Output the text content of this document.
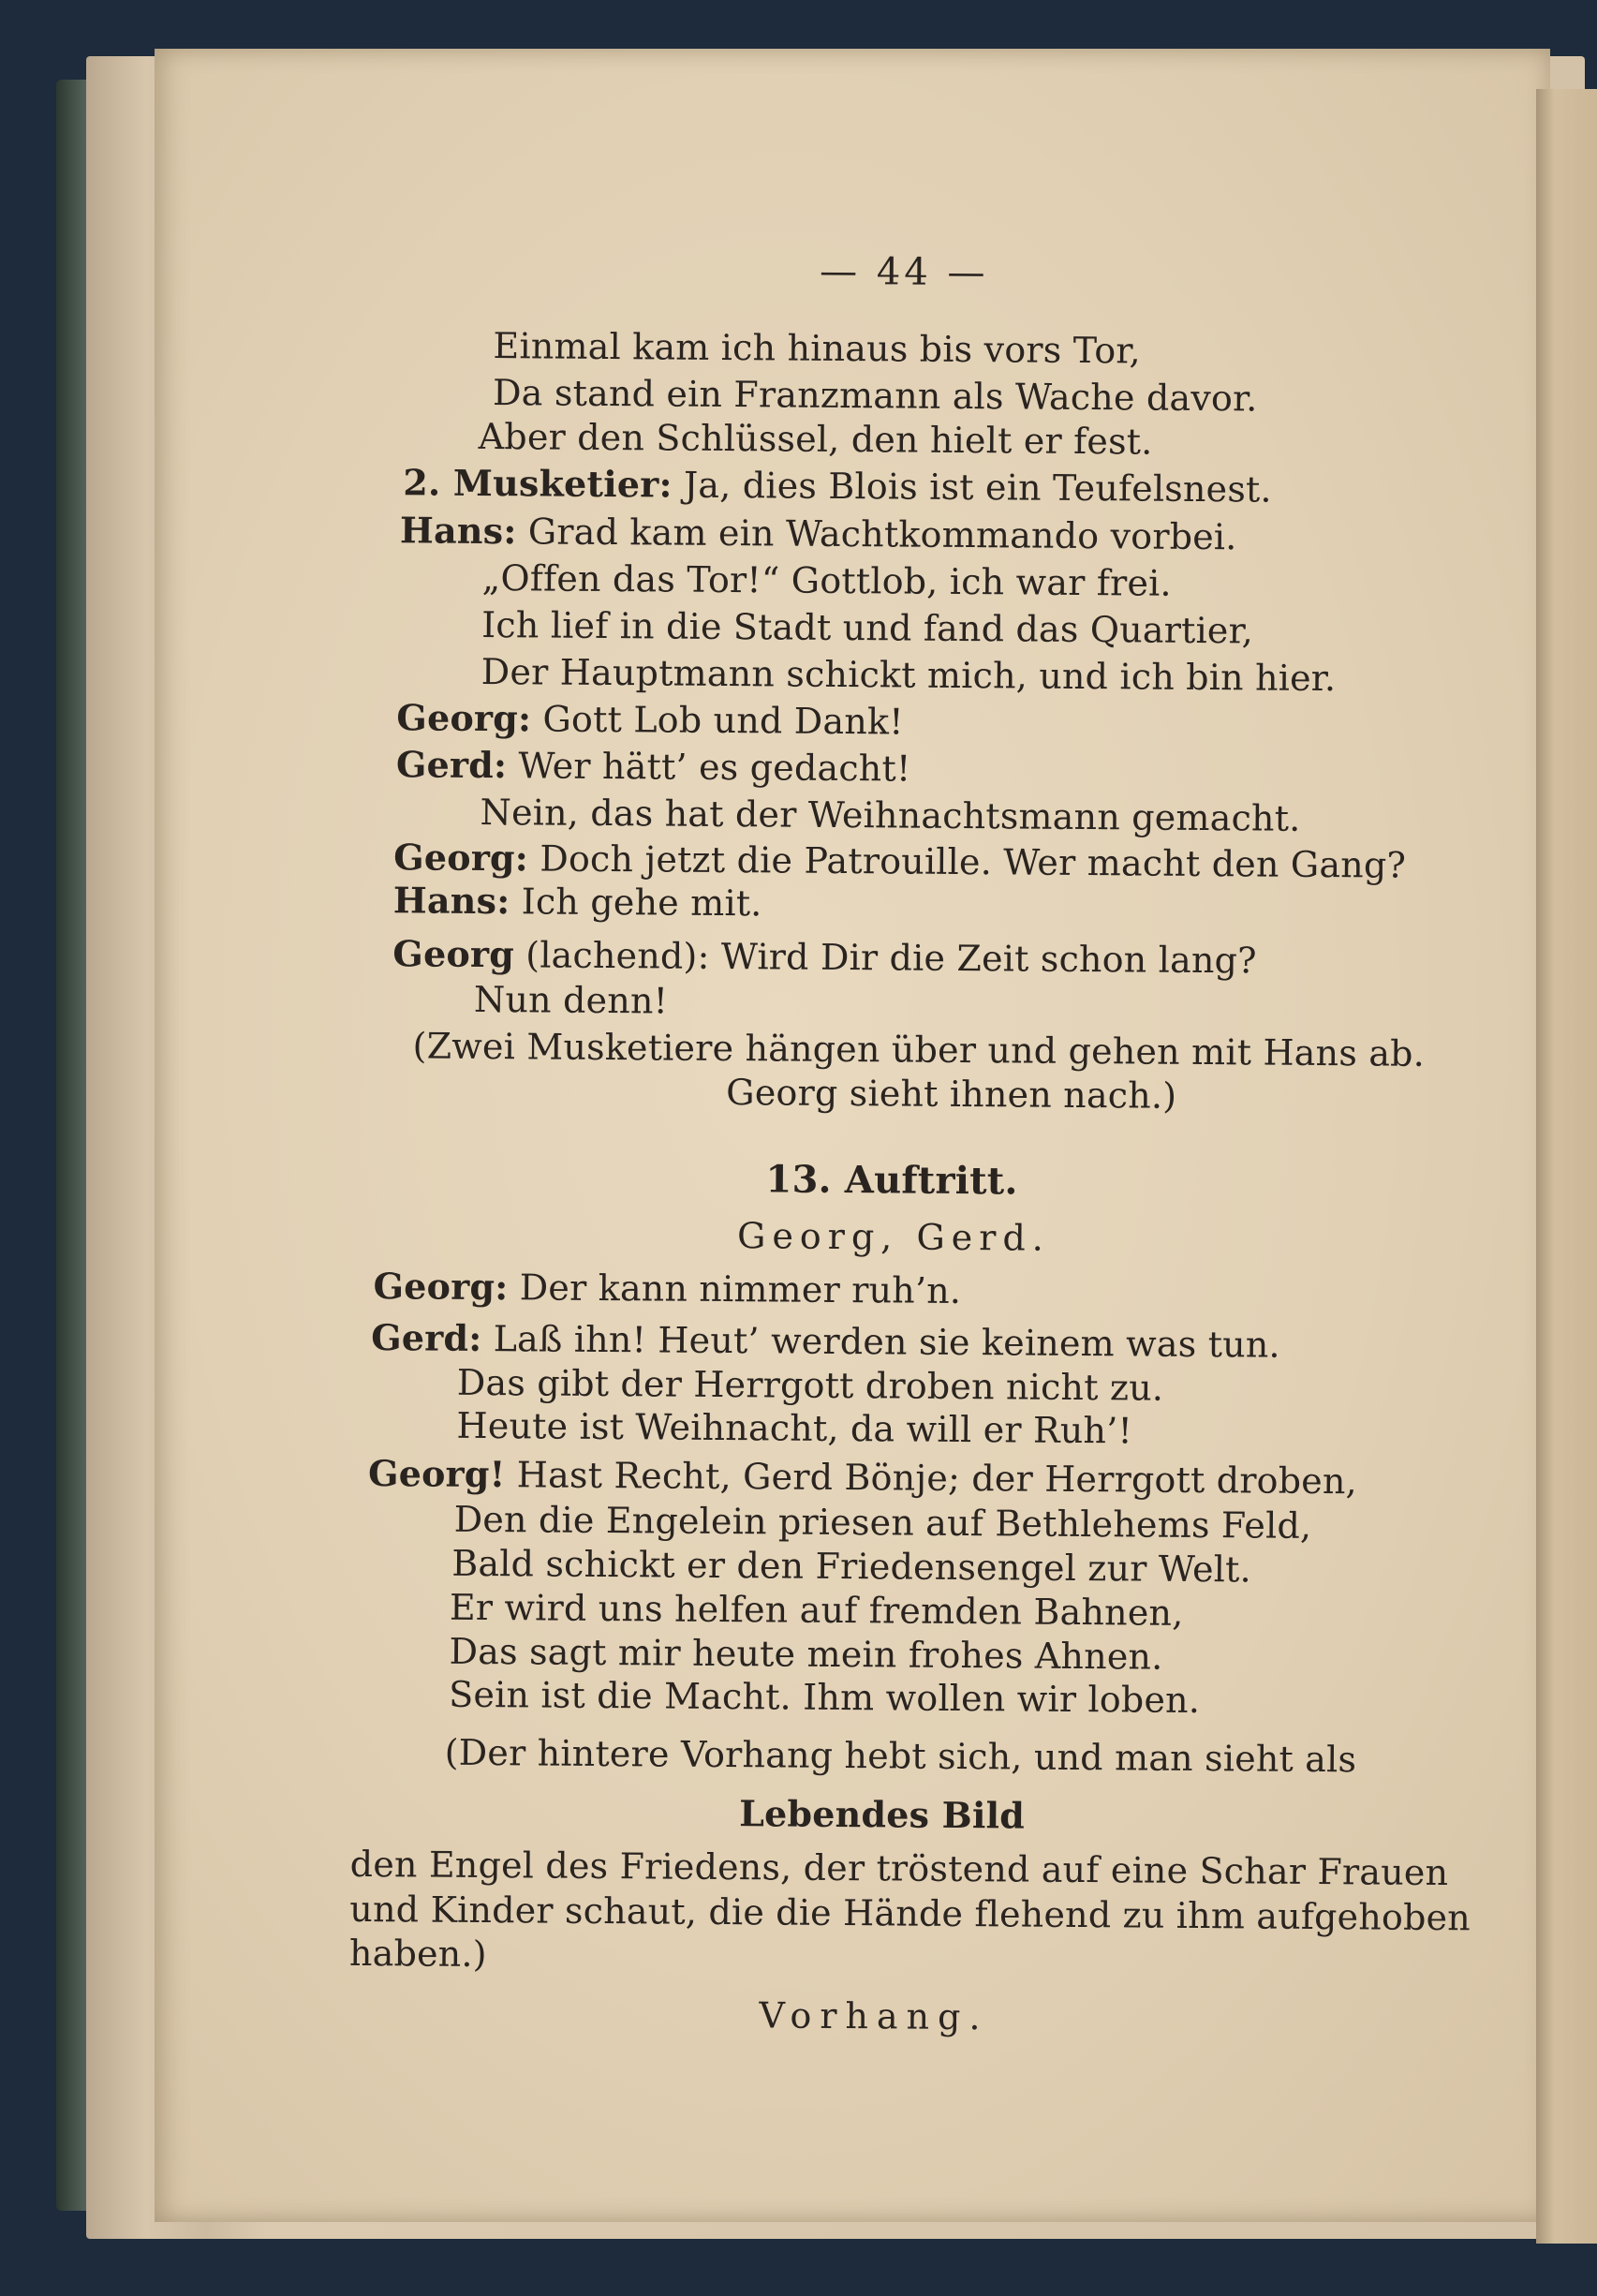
— 44 —
Einmal kam ich hinaus bis vors Tor,
Da stand ein Franzmann als Wache davor.
Aber den Schlüssel, den hielt er fest.
2. Musketier: Ja, dies Blois ist ein Teufelsnest.
Hans: Grad kam ein Wachtkommando vorbei.
„Offen das Tor!“ Gottlob, ich war frei.
Ich lief in die Stadt und fand das Quartier,
Der Hauptmann schickt mich, und ich bin hier.
Georg: Gott Lob und Dank!
Gerd: Wer hätt’ es gedacht!
Nein, das hat der Weihnachtsmann gemacht.
Georg: Doch jetzt die Patrouille. Wer macht den Gang?
Hans: Ich gehe mit.
Georg (lachend): Wird Dir die Zeit schon lang?
Nun denn!
(Zwei Musketiere hängen über und gehen mit Hans ab.
Georg sieht ihnen nach.)
13. Auftritt.
Georg, Gerd.
Georg: Der kann nimmer ruh’n.
Gerd: Laß ihn! Heut’ werden sie keinem was tun.
Das gibt der Herrgott droben nicht zu.
Heute ist Weihnacht, da will er Ruh’!
Georg! Hast Recht, Gerd Bönje; der Herrgott droben,
Den die Engelein priesen auf Bethlehems Feld,
Bald schickt er den Friedensengel zur Welt.
Er wird uns helfen auf fremden Bahnen,
Das sagt mir heute mein frohes Ahnen.
Sein ist die Macht. Ihm wollen wir loben.
(Der hintere Vorhang hebt sich, und man sieht als
Lebendes Bild
den Engel des Friedens, der tröstend auf eine Schar Frauen
und Kinder schaut, die die Hände flehend zu ihm aufgehoben
haben.)
Vorhang.
